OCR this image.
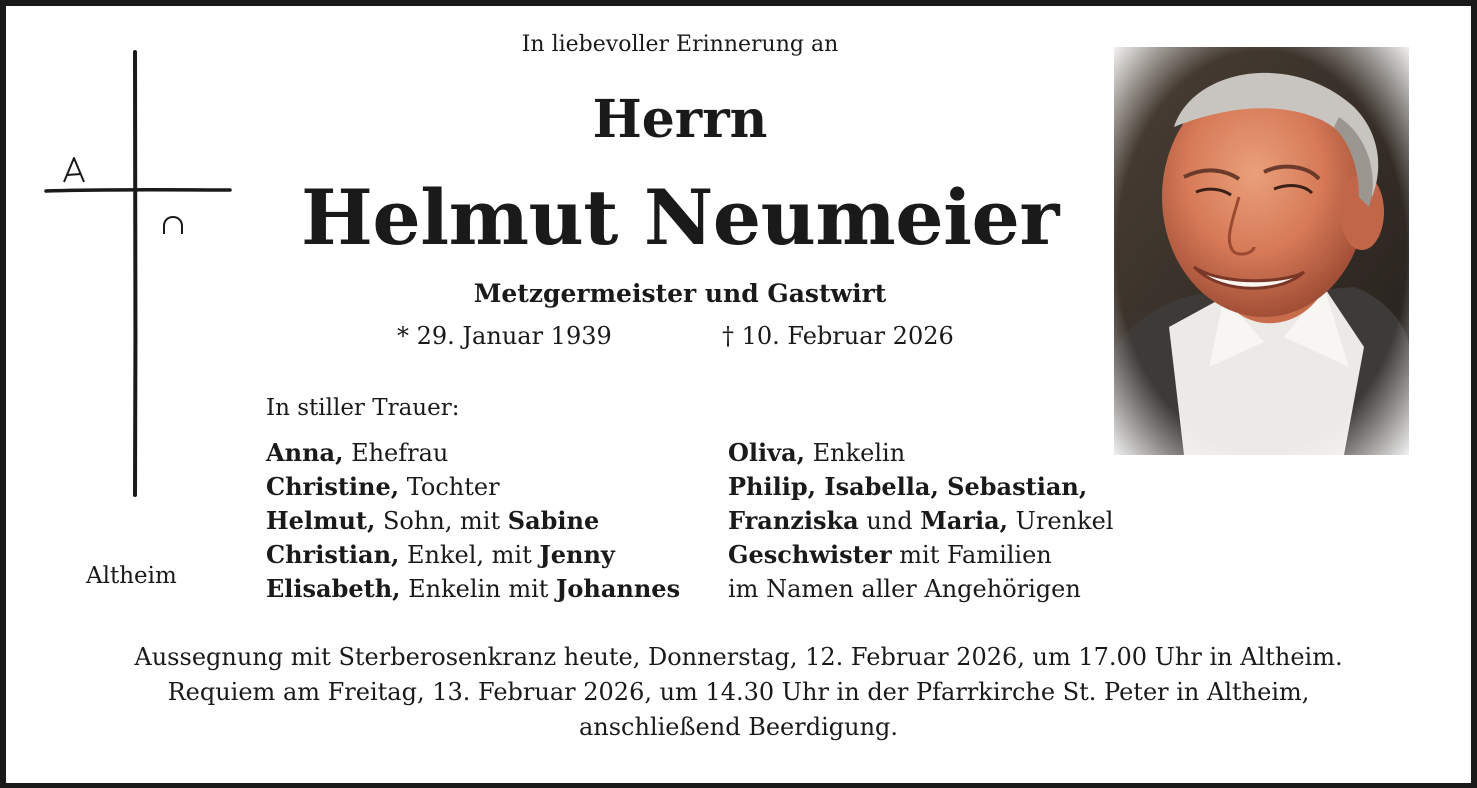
In liebevoller Erinnerung an
Herrn
Helmut Neumeier
Metzgermeister und Gastwirt
* 29. Januar 1939	† 10. Februar 2026
In stiller Trauer:
Anna, Ehefrau
Christine, Tochter
Helmut, Sohn, mit Sabine
Christian, Enkel, mit Jenny
Elisabeth, Enkelin mit Johannes
Oliva, Enkelin
Philip, Isabella, Sebastian,
Franziska und Maria, Urenkel
Geschwister mit Familien
im Namen aller Angehörigen
Altheim
Aussegnung mit Sterberosenkranz heute, Donnerstag, 12. Februar 2026, um 17.00 Uhr in Altheim.
Requiem am Freitag, 13. Februar 2026, um 14.30 Uhr in der Pfarrkirche St. Peter in Altheim,
anschließend Beerdigung.
